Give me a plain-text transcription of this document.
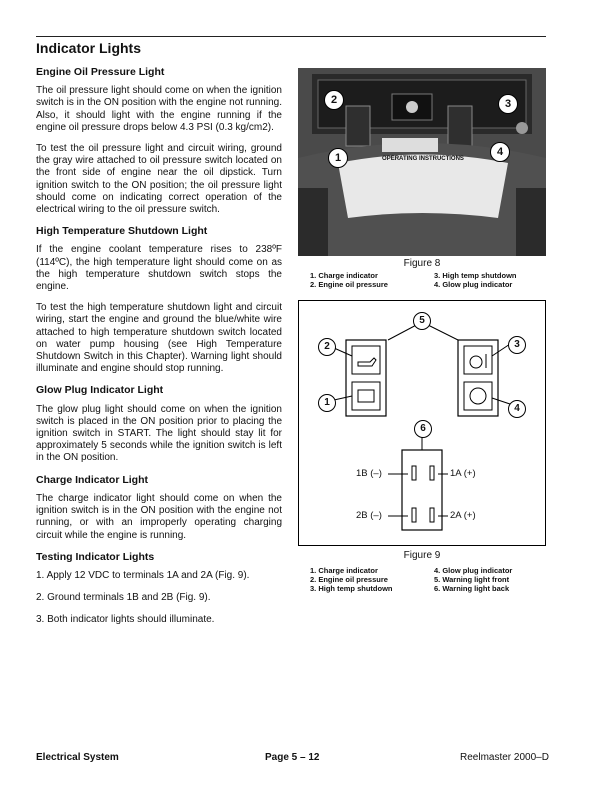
Indicator Lights
Engine Oil Pressure Light

The oil pressure light should come on when the ignition switch is in the ON position with the engine not running. Also, it should light with the engine running if the engine oil pressure drops below 4.3 PSI (0.3 kg/cm2).

To test the oil pressure light and circuit wiring, ground the gray wire attached to oil pressure switch located on the front side of engine near the oil dipstick. Turn ignition switch to the ON position; the oil pressure light should come on indicating correct operation of the electrical wiring to the oil pressure switch.

High Temperature Shutdown Light

If the engine coolant temperature rises to 238ºF (114ºC), the high temperature light should come on as the high temperature shutdown switch stops the engine.

To test the high temperature shutdown light and circuit wiring, start the engine and ground the blue/white wire attached to high temperature shutdown switch located on water pump housing (see High Temperature Shutdown Switch in this Chapter). Warning light should illuminate and engine should stop running.

Glow Plug Indicator Light

The glow plug light should come on when the ignition switch is placed in the ON position prior to placing the ignition switch in START. The light should stay lit for approximately 5 seconds while the ignition switch is left in the ON position.

Charge Indicator Light

The charge indicator light should come on when the ignition switch is in the ON position with the engine not running, or with an improperly operating charging circuit while the engine is running.

Testing Indicator Lights
1. Apply 12 VDC to terminals 1A and 2A (Fig. 9).
2. Ground terminals 1B and 2B (Fig. 9).
3. Both indicator lights should illuminate.
OPERATING INSTRUCTIONS
2
1
3
4
Figure 8
1. Charge indicator
2. Engine oil pressure
3. High temp shutdown
4. Glow plug indicator
5
2
1
3
4
6
1B (–)	1A (+)
2B (–)	2A (+)
Figure 9
1. Charge indicator
2. Engine oil pressure
3. High temp shutdown
4. Glow plug indicator
5. Warning light front
6. Warning light back
Electrical System	Page 5 – 12	Reelmaster 2000–D
